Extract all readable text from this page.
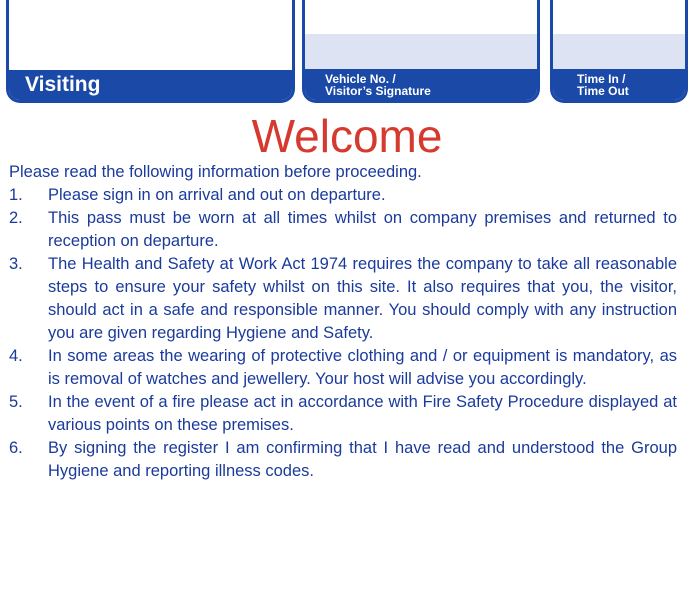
Visiting	Vehicle No. /
Visitor’s Signature
Time In /
Time Out
Welcome
Please read the following information before proceeding.
1. Please sign in on arrival and out on departure.
2. This pass must be worn at all times whilst on company premises and returned to reception on departure.
3. The Health and Safety at Work Act 1974 requires the company to take all reasonable steps to ensure your safety whilst on this site. It also requires that you, the visitor, should act in a safe and responsible manner. You should comply with any instruction you are given regarding Hygiene and Safety.
4. In some areas the wearing of protective clothing and / or equipment is mandatory, as is removal of watches and jewellery. Your host will advise you accordingly.
5. In the event of a fire please act in accordance with Fire Safety Procedure displayed at various points on these premises.
6. By signing the register I am confirming that I have read and understood the Group Hygiene and reporting illness codes.
